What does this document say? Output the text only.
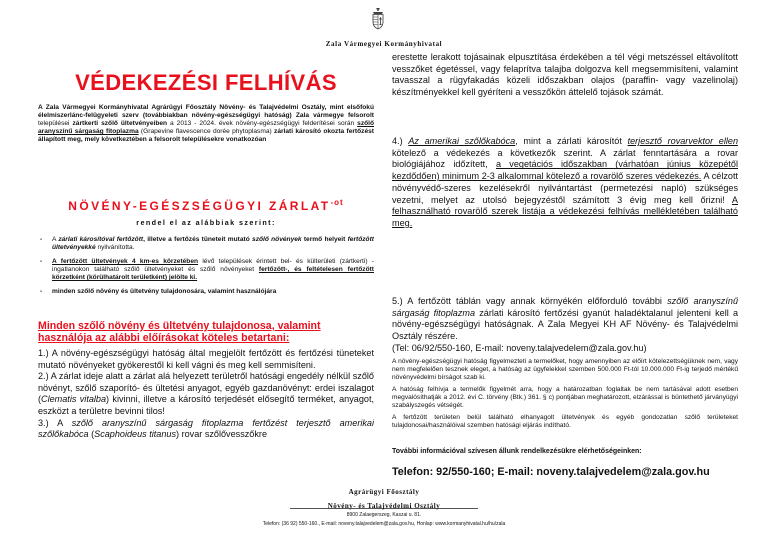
Zala Vármegyei Kormányhivatal
VÉDEKEZÉSI FELHÍVÁS
A Zala Vármegyei Kormányhivatal Agrárügyi Főosztály Növény- és Talajvédelmi Osztály, mint elsőfokú élelmiszerlánc-felügyeleti szerv (továbbiakban növény-egészségügyi hatóság) Zala vármegye felsorolt települései zártkerti szőlő ültetvényeiben a 2013 - 2024. évek növény-egészségügyi felderítései során szőlő aranyszínű sárgaság fitoplazma (Grapevine flavescence dorée phytoplasma) zárlati károsító okozta fertőzést állapított meg, mely következtében a felsorolt településekre vonatkozóan
NÖVÉNY-EGÉSZSÉGÜGYI $ZÁRLAT^{-ot}$
rendel el az alábbiak szerint:
- A zárlati károsítóval fertőzött, illetve a fertőzés tüneteit mutató szőlő növények termő helyeit fertőzött ültetvényekké nyilvánította.
- A fertőzött ültetvények 4 km-es körzetében lévő települések érintett bel- és külterületi (zártkerti) - ingatlanokon található szőlő ültetvényeket és szőlő növényeket fertőzött-, és feltételesen fertőzött körzetként (körülhatárolt területként) jelölte ki.
- minden szőlő növény és ültetvény tulajdonosára, valamint használójára
Minden szőlő növény és ültetvény tulajdonosa, valamint használója az alábbi előírásokat köteles betartani:

1.) A növény-egészségügyi hatóság által megjelölt fertőzött és fertőzési tüneteket mutató növényeket gyökerestől ki kell vágni és meg kell semmisíteni.

2.) A zárlat ideje alatt a zárlat alá helyezett területről hatósági engedély nélkül szőlő növényt, szőlő szaporító- és ültetési anyagot, egyéb gazdanövényt: erdei iszalagot (Clematis vitalba) kivinni, illetve a károsító terjedését elősegítő terméket, anyagot, eszközt a területre bevinni tilos!

3.) A szőlő aranyszínű sárgaság fitoplazma fertőzést terjesztő amerikai szőlőkabóca (Scaphoideus titanus) rovar szőlővesszőkre

erestette lerakott tojásainak elpusztítása érdekében a tél végi metszéssel eltávolított vesszőket égetéssel, vagy felaprítva talajba dolgozva kell megsemmisíteni, valamint tavasszal a rügyfakadás közeli időszakban olajos (paraffin- vagy vazelinolaj) készítményekkel kell gyéríteni a vesszőkön áttelelő tojások számát.

4.) Az amerikai szőlőkabóca, mint a zárlati károsítót terjesztő rovarvektor ellen kötelező a védekezés a következők szerint. A zárlat fenntartására a rovar biológiájához időzített, a vegetációs időszakban (várhatóan június közepétől kezdődően) minimum 2-3 alkalommal kötelező a rovarölő szeres védekezés. A célzott növényvédő-szeres kezelésekről nyilvántartást (permetezési napló) szükséges vezetni, melyet az utolsó bejegyzéstől számított 3 évig meg kell őrizni! A felhasználható rovarölő szerek listája a védekezési felhívás mellékletében található meg.

5.) A fertőzött táblán vagy annak környékén előforduló további szőlő aranyszínű sárgaság fitoplazma zárlati károsító fertőzési gyanút haladéktalanul jelenteni kell a növény-egészségügyi hatóságnak. A Zala Megyei KH AF Növény- és Talajvédelmi Osztály részére.
(Tel: 06/92/550-160, E-mail: noveny.talajvedelem@zala.gov.hu)

A növény-egészségügyi hatóság figyelmezteti a termelőket, hogy amennyiben az előírt kötelezettségüknek nem, vagy nem megfelelően tesznek eleget, a hatóság az ügyfelekkel szemben 500.000 Ft-tól 10.000.000 Ft-ig terjedő mértékű növényvédelmi bírságot szab ki.

A hatóság felhívja a termelők figyelmét arra, hogy a határozatban foglaltak be nem tartásával adott esetben megvalósíthatják a 2012. évi C. törvény (Btk.) 361. § c) pontjában meghatározott, elzárással is büntethető járványügyi szabályszegés vétségét.

A fertőzött területen belül található elhanyagolt ültetvények és egyéb gondozatlan szőlő területeket tulajdonosai/használóival szemben hatósági eljárás indítható.

További információval szívesen állunk rendelkezésükre elérhetőségeinken:
Telefon: 92/550-160; E-mail: noveny.talajvedelem@zala.gov.hu
Agrárügyi Főosztály
Növény- és Talajvédelmi Osztály
8900 Zalaegerszeg, Kaszai u. 81.
Telefon: (36 92) 550-160., E-mail: noveny.talajvedelem@zala.gov.hu, Honlap: www.kormanyhivatal.hu/hu/zala
